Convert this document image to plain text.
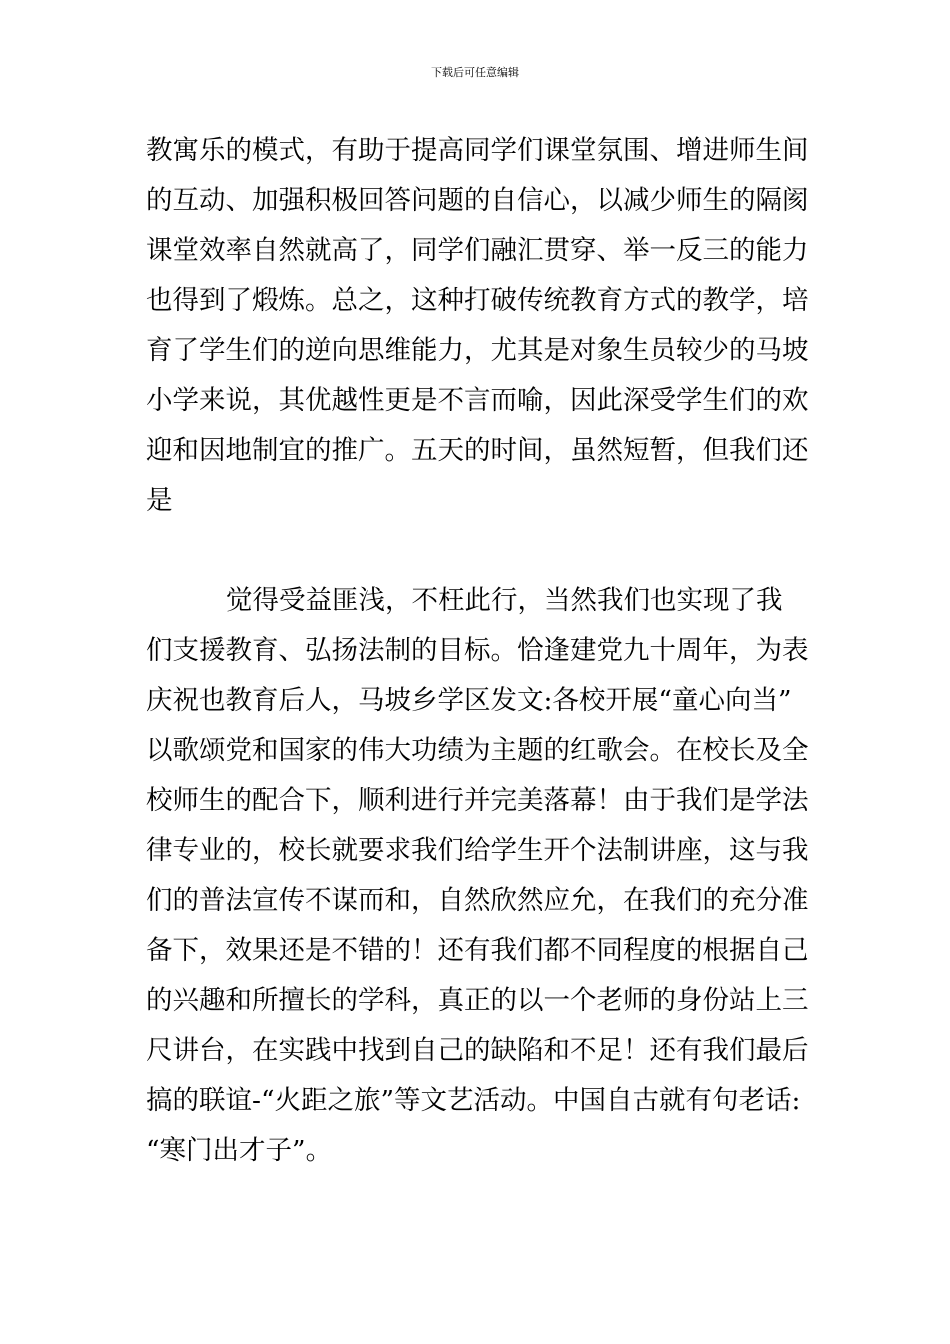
下载后可任意编辑
教寓乐的模式，有助于提高同学们课堂氛围、增进师生间
的互动、加强积极回答问题的自信心，以减少师生的隔阂
课堂效率自然就高了，同学们融汇贯穿、举一反三的能力
也得到了煅炼。总之，这种打破传统教育方式的教学，培
育了学生们的逆向思维能力，尤其是对象生员较少的马坡
小学来说，其优越性更是不言而喻，因此深受学生们的欢
迎和因地制宜的推广。五天的时间，虽然短暂，但我们还
是
觉得受益匪浅，不枉此行，当然我们也实现了我
们支援教育、弘扬法制的目标。恰逢建党九十周年，为表
庆祝也教育后人，马坡乡学区发文:各校开展“童心向当”
以歌颂党和国家的伟大功绩为主题的红歌会。在校长及全
校师生的配合下，顺利进行并完美落幕！由于我们是学法
律专业的，校长就要求我们给学生开个法制讲座，这与我
们的普法宣传不谋而和，自然欣然应允，在我们的充分准
备下，效果还是不错的！还有我们都不同程度的根据自己
的兴趣和所擅长的学科，真正的以一个老师的身份站上三
尺讲台，在实践中找到自己的缺陷和不足！还有我们最后
搞的联谊-“火距之旅”等文艺活动。中国自古就有句老话:
“寒门出才子”。
